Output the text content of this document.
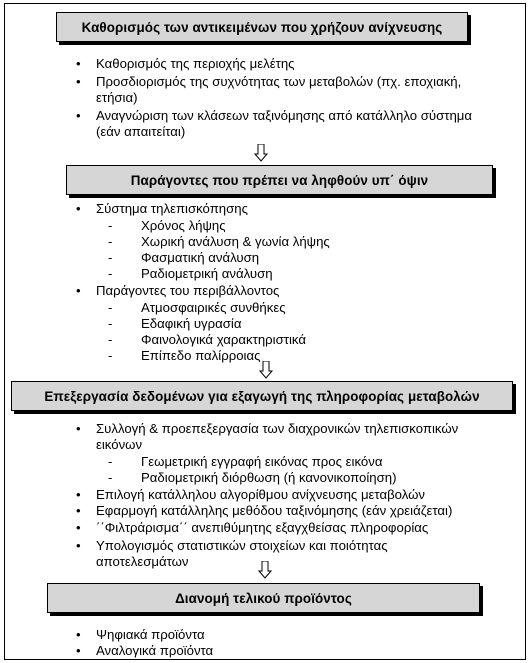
Καθορισμός των αντικειμένων που χρήζουν ανίχνευσης
• Καθορισμός της περιοχής μελέτης
• Προσδιορισμός της συχνότητας των μεταβολών (πχ. εποχιακή,
ετήσια)
• Αναγνώριση των κλάσεων ταξινόμησης από κατάλληλο σύστημα
(εάν απαιτείται)
Παράγοντες που πρέπει να ληφθούν υπ΄ όψιν
• Σύστημα τηλεπισκόπησης
- Χρόνος λήψης
- Χωρική ανάλυση & γωνία λήψης
- Φασματική ανάλυση
- Ραδιομετρική ανάλυση
• Παράγοντες του περιβάλλοντος
- Ατμοσφαιρικές συνθήκες
- Εδαφική υγρασία
- Φαινολογικά χαρακτηριστικά
- Επίπεδο παλίρροιας
Επεξεργασία δεδομένων για εξαγωγή της πληροφορίας μεταβολών
• Συλλογή & προεπεξεργασία των διαχρονικών τηλεπισκοπικών
εικόνων
- Γεωμετρική εγγραφή εικόνας προς εικόνα
- Ραδιομετρική διόρθωση (ή κανονικοποίηση)
• Επιλογή κατάλληλου αλγορίθμου ανίχνευσης μεταβολών
• Εφαρμογή κατάλληλης μεθόδου ταξινόμησης (εάν χρειάζεται)
• ΄΄Φιλτράρισμα΄΄ ανεπιθύμητης εξαγχθείσας πληροφορίας
• Υπολογισμός στατιστικών στοιχείων και ποιότητας
αποτελεσμάτων
Διανομή τελικού προϊόντος
• Ψηφιακά προϊόντα
• Αναλογικά προϊόντα
